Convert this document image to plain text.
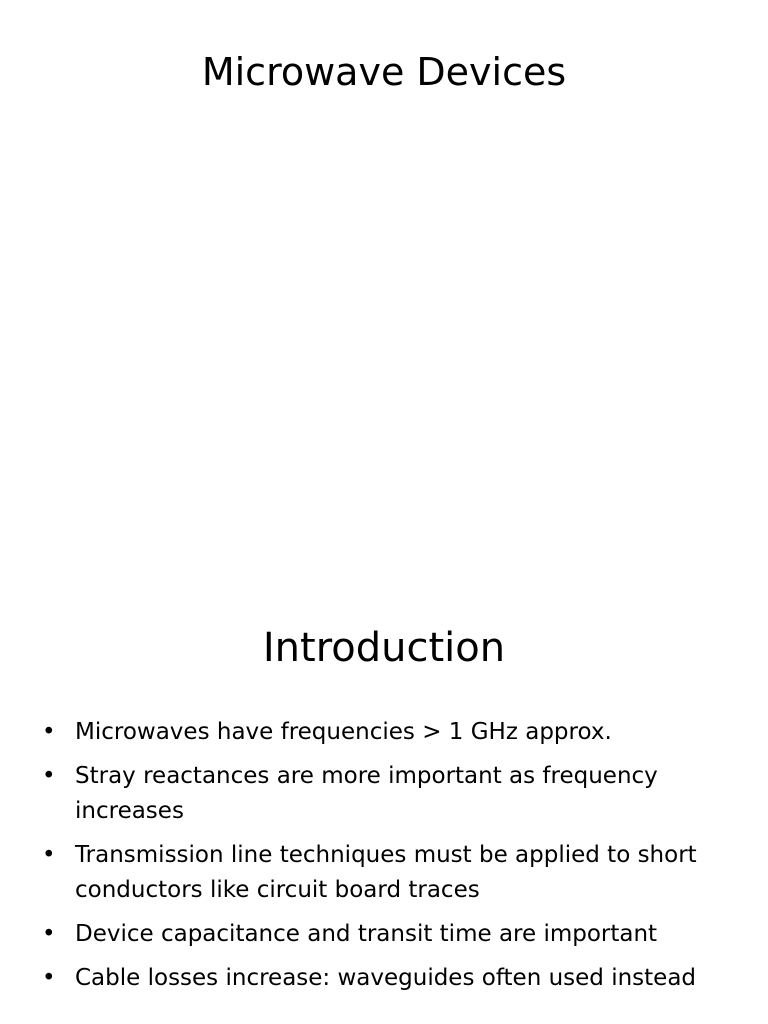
Microwave Devices
Introduction
• Microwaves have frequencies > 1 GHz approx.
• Stray reactances are more important as frequency increases
• Transmission line techniques must be applied to short conductors like circuit board traces
• Device capacitance and transit time are important
• Cable losses increase: waveguides often used instead
